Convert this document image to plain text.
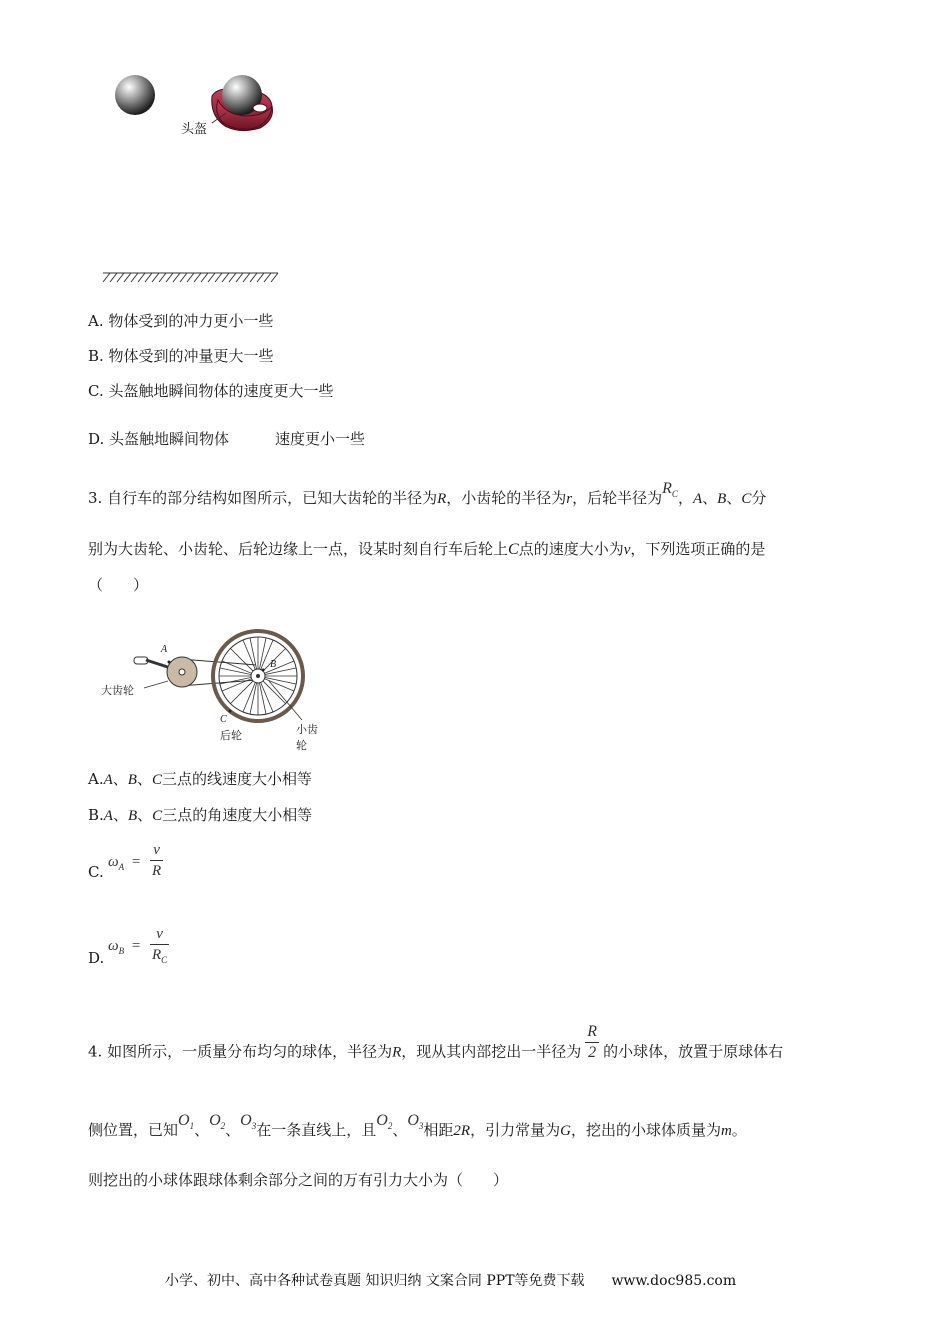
头盔
A. 物体受到的冲力更小一些
B. 物体受到的冲量更大一些
C. 头盔触地瞬间物体的速度更大一些
D. 头盔触地瞬间物体	速度更小一些
3. 自行车的部分结构如图所示，已知大齿轮的半径为R，小齿轮的半径为r，后轮半径为$R_C$，A、B、C分
别为大齿轮、小齿轮、后轮边缘上一点，设某时刻自行车后轮上C点的速度大小为v，下列选项正确的是
（　　）
A
B
C
大齿轮
后轮	小齿轮
A.A、B、C三点的线速度大小相等
B.A、B、C三点的角速度大小相等
C.
$\omega_A$ =
v
R
D.
$\omega_B$ =
v
$R_C$
4. 如图所示，一质量分布均匀的球体，半径为R，现从其内部挖出一半径为 $\frac{R}{2}$ 的小球体，放置于原球体右
侧位置，已知$O_1$、$O_2$、$O_3$在一条直线上，且$O_2$、$O_3$相距2R，引力常量为G，挖出的小球体质量为m。
则挖出的小球体跟球体剩余部分之间的万有引力大小为（　　）
小学、初中、高中各种试卷真题 知识归纳 文案合同 PPT等免费下载 www.doc985.com
